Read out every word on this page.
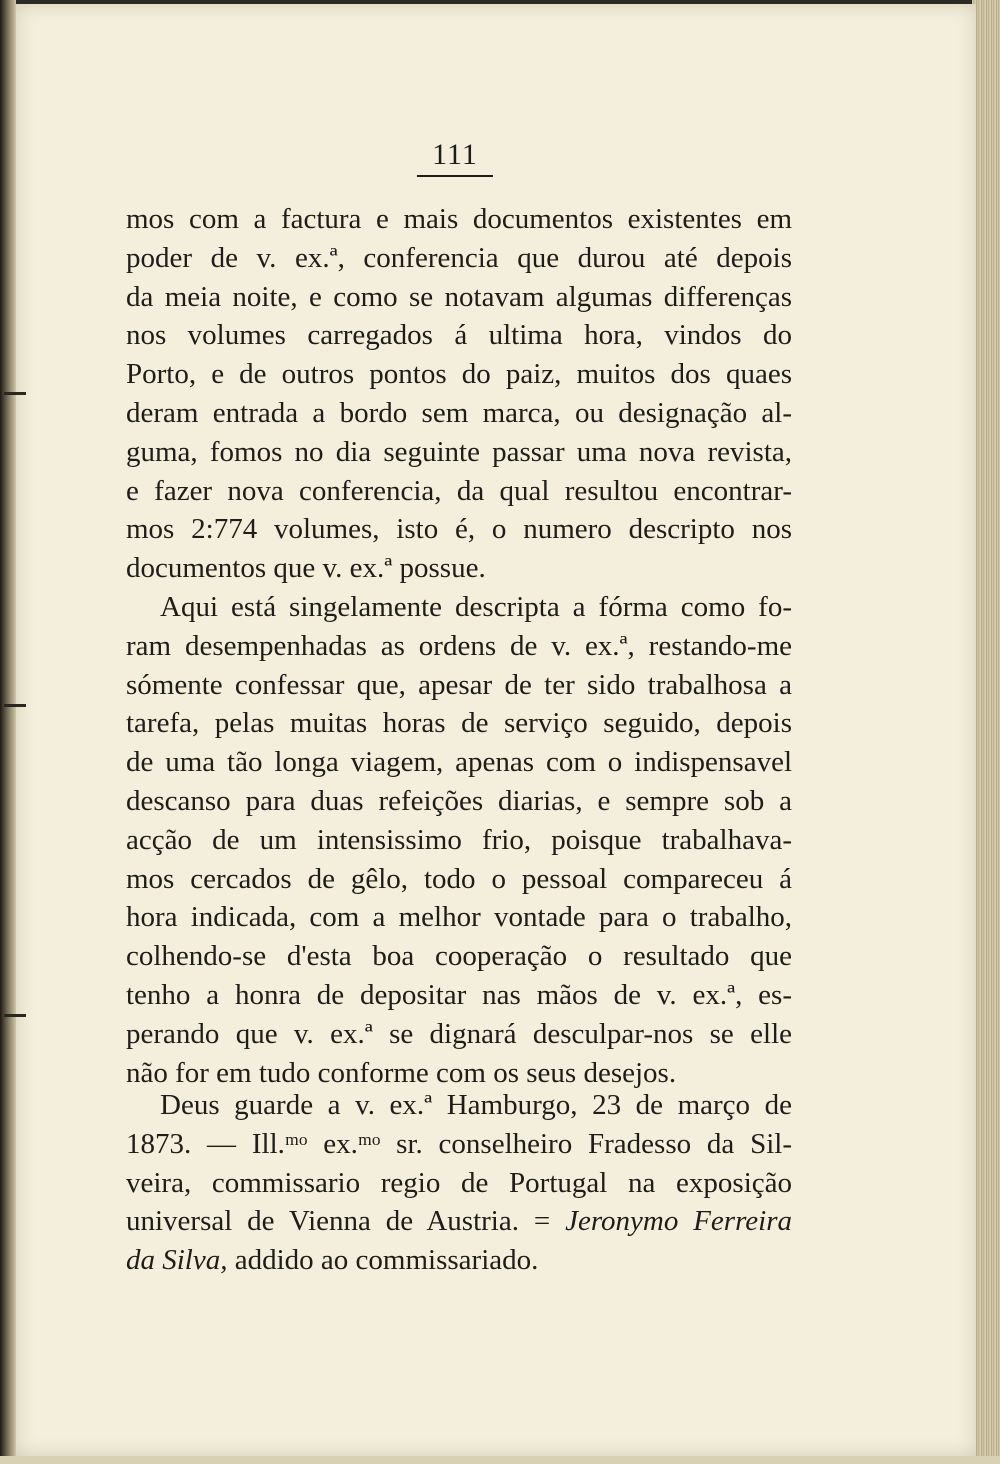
111
mos com a factura e mais documentos existentes em
poder de v. ex.ª, conferencia que durou até depois
da meia noite, e como se notavam algumas differenças
nos volumes carregados á ultima hora, vindos do
Porto, e de outros pontos do paiz, muitos dos quaes
deram entrada a bordo sem marca, ou designação al-
guma, fomos no dia seguinte passar uma nova revista,
e fazer nova conferencia, da qual resultou encontrar-
mos 2:774 volumes, isto é, o numero descripto nos
documentos que v. ex.ª possue.
Aqui está singelamente descripta a fórma como fo-
ram desempenhadas as ordens de v. ex.ª, restando-me
sómente confessar que, apesar de ter sido trabalhosa a
tarefa, pelas muitas horas de serviço seguido, depois
de uma tão longa viagem, apenas com o indispensavel
descanso para duas refeições diarias, e sempre sob a
acção de um intensissimo frio, poisque trabalhava-
mos cercados de gêlo, todo o pessoal compareceu á
hora indicada, com a melhor vontade para o trabalho,
colhendo-se d'esta boa cooperação o resultado que
tenho a honra de depositar nas mãos de v. ex.ª, es-
perando que v. ex.ª se dignará desculpar-nos se elle
não for em tudo conforme com os seus desejos.
Deus guarde a v. ex.ª Hamburgo, 23 de março de
1873. — Ill.ᵐᵒ ex.ᵐᵒ sr. conselheiro Fradesso da Sil-
veira, commissario regio de Portugal na exposição
universal de Vienna de Austria. = Jeronymo Ferreira
da Silva, addido ao commissariado.
